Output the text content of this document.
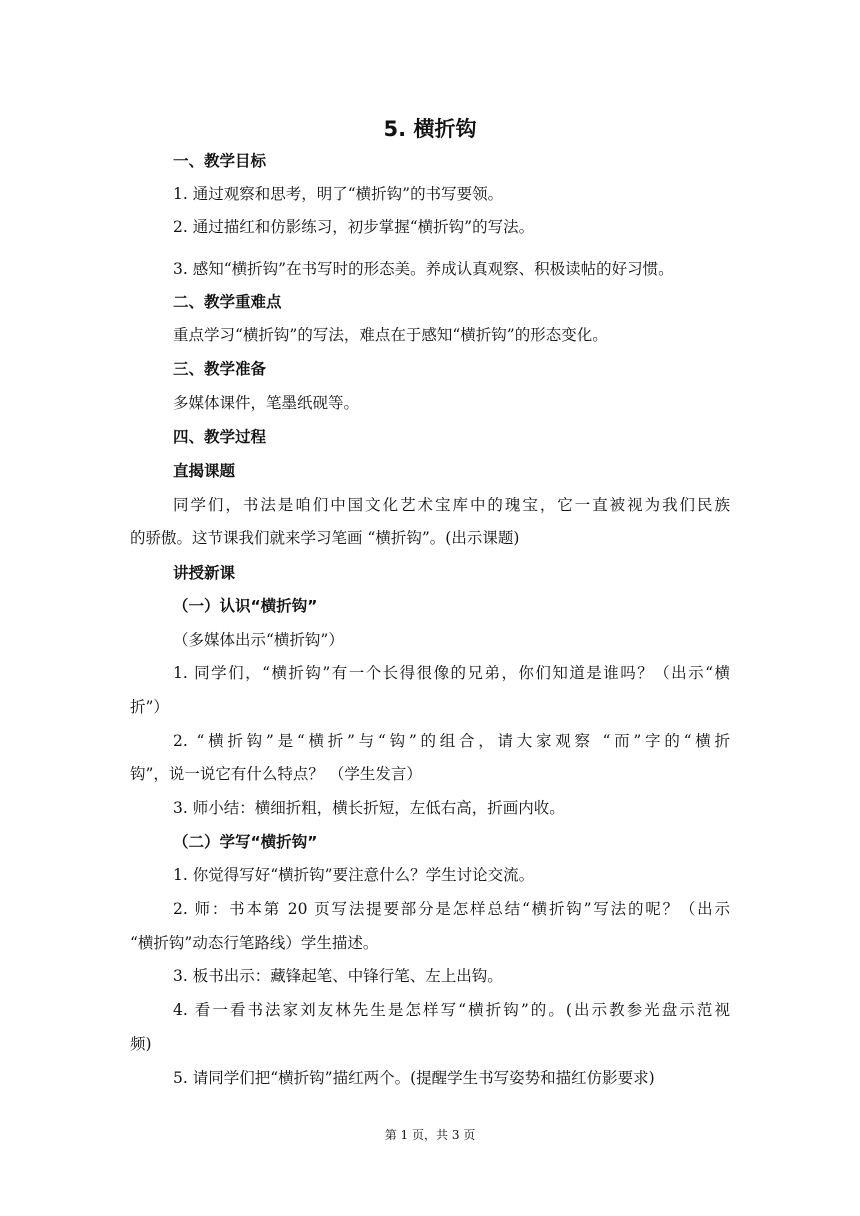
5. 横折钩
一、教学目标
1. 通过观察和思考，明了“横折钩”的书写要领。
2. 通过描红和仿影练习，初步掌握“横折钩”的写法。
3. 感知“横折钩”在书写时的形态美。养成认真观察、积极读帖的好习惯。
二、教学重难点
重点学习“横折钩”的写法，难点在于感知“横折钩”的形态变化。
三、教学准备
多媒体课件，笔墨纸砚等。
四、教学过程
直揭课题
同学们，书法是咱们中国文化艺术宝库中的瑰宝，它一直被视为我们民族
的骄傲。这节课我们就来学习笔画 “横折钩”。(出示课题)
讲授新课
（一）认识“横折钩”
（多媒体出示“横折钩”）
1. 同学们，“横折钩”有一个长得很像的兄弟，你们知道是谁吗？（出示“横
折”）
2. “横折钩”是“横折”与“钩”的组合，请大家观察 “而”字的“横折
钩”，说一说它有什么特点？ （学生发言）
3. 师小结：横细折粗，横长折短，左低右高，折画内收。
（二）学写“横折钩”
1. 你觉得写好“横折钩”要注意什么？学生讨论交流。
2. 师：书本第 20 页写法提要部分是怎样总结“横折钩”写法的呢？（出示
“横折钩”动态行笔路线）学生描述。
3. 板书出示：藏锋起笔、中锋行笔、左上出钩。
4. 看一看书法家刘友林先生是怎样写“横折钩”的。(出示教参光盘示范视
频)
5. 请同学们把“横折钩”描红两个。(提醒学生书写姿势和描红仿影要求)
第 1 页，共 3 页
